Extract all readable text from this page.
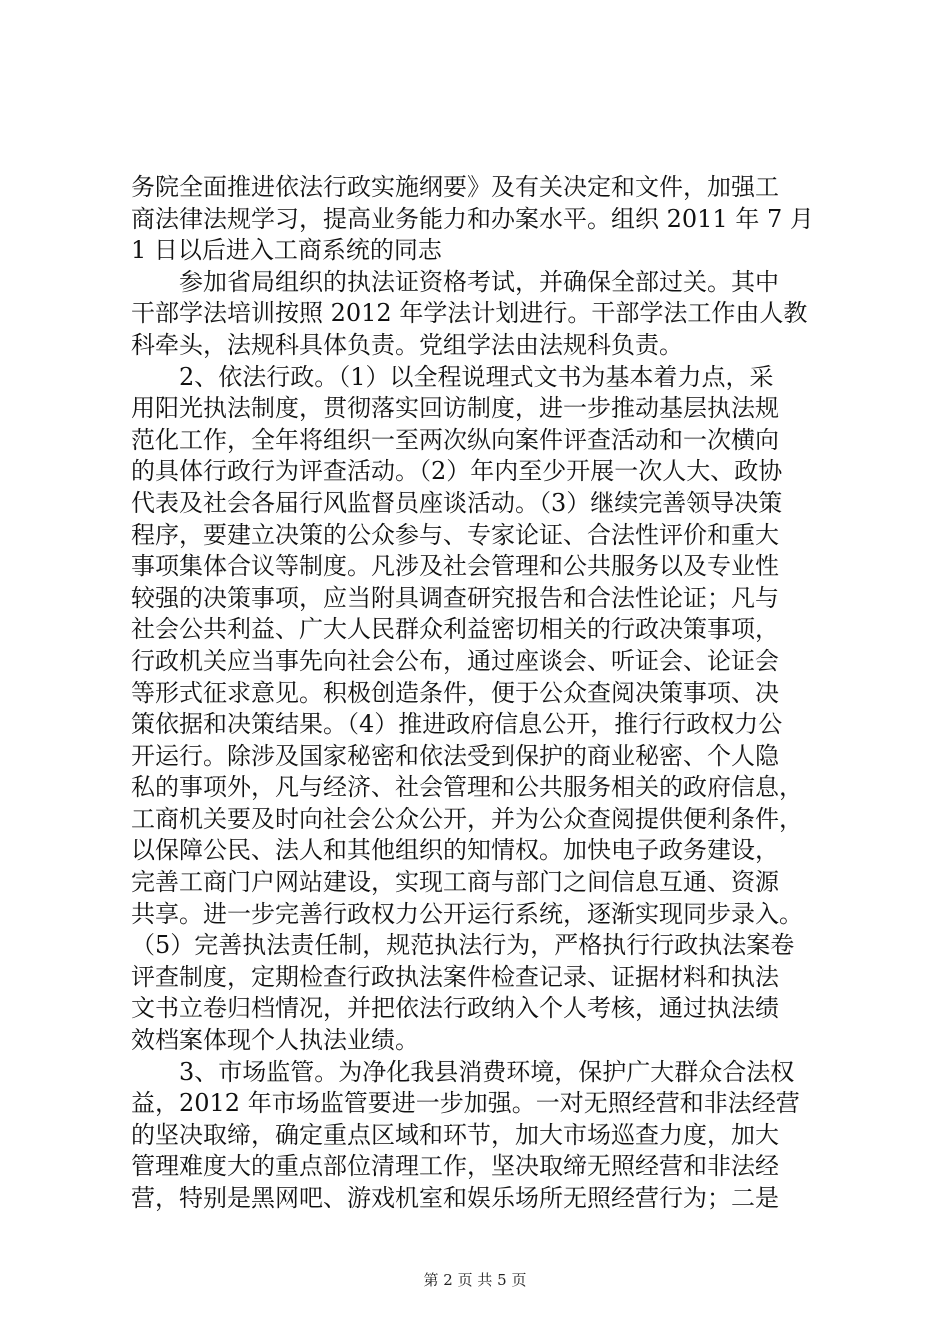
务院全面推进依法行政实施纲要》及有关决定和文件，加强工
商法律法规学习，提高业务能力和办案水平。组织 2011 年 7 月
1 日以后进入工商系统的同志
　　参加省局组织的执法证资格考试，并确保全部过关。其中
干部学法培训按照 2012 年学法计划进行。干部学法工作由人教
科牵头，法规科具体负责。党组学法由法规科负责。
　　2、依法行政。（1）以全程说理式文书为基本着力点，采
用阳光执法制度，贯彻落实回访制度，进一步推动基层执法规
范化工作，全年将组织一至两次纵向案件评查活动和一次横向
的具体行政行为评查活动。（2）年内至少开展一次人大、政协
代表及社会各届行风监督员座谈活动。（3）继续完善领导决策
程序，要建立决策的公众参与、专家论证、合法性评价和重大
事项集体合议等制度。凡涉及社会管理和公共服务以及专业性
较强的决策事项，应当附具调查研究报告和合法性论证；凡与
社会公共利益、广大人民群众利益密切相关的行政决策事项，
行政机关应当事先向社会公布，通过座谈会、听证会、论证会
等形式征求意见。积极创造条件，便于公众查阅决策事项、决
策依据和决策结果。（4）推进政府信息公开，推行行政权力公
开运行。除涉及国家秘密和依法受到保护的商业秘密、个人隐
私的事项外，凡与经济、社会管理和公共服务相关的政府信息，
工商机关要及时向社会公众公开，并为公众查阅提供便利条件，
以保障公民、法人和其他组织的知情权。加快电子政务建设，
完善工商门户网站建设，实现工商与部门之间信息互通、资源
共享。进一步完善行政权力公开运行系统，逐渐实现同步录入。
（5）完善执法责任制，规范执法行为，严格执行行政执法案卷
评查制度，定期检查行政执法案件检查记录、证据材料和执法
文书立卷归档情况，并把依法行政纳入个人考核，通过执法绩
效档案体现个人执法业绩。
　　3、市场监管。为净化我县消费环境，保护广大群众合法权
益，2012 年市场监管要进一步加强。一对无照经营和非法经营
的坚决取缔，确定重点区域和环节，加大市场巡查力度，加大
管理难度大的重点部位清理工作，坚决取缔无照经营和非法经
营，特别是黑网吧、游戏机室和娱乐场所无照经营行为；二是
第 2 页 共 5 页
